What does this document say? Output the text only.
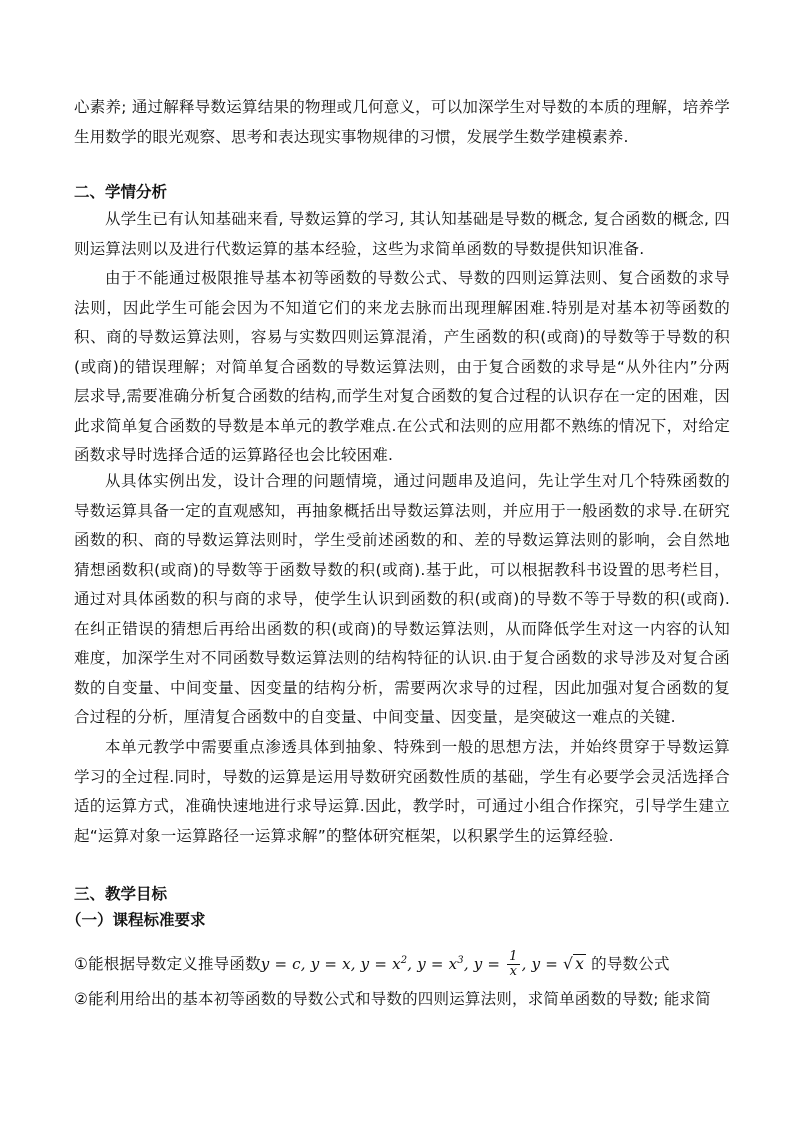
心素养; 通过解释导数运算结果的物理或几何意义，可以加深学生对导数的本质的理解，培养学生用数学的眼光观察、思考和表达现实事物规律的习惯，发展学生数学建模素养.

二、学情分析

从学生已有认知基础来看, 导数运算的学习, 其认知基础是导数的概念, 复合函数的概念, 四则运算法则以及进行代数运算的基本经验，这些为求简单函数的导数提供知识准备.

由于不能通过极限推导基本初等函数的导数公式、导数的四则运算法则、复合函数的求导法则，因此学生可能会因为不知道它们的来龙去脉而出现理解困难.特别是对基本初等函数的积、商的导数运算法则，容易与实数四则运算混淆，产生函数的积(或商)的导数等于导数的积(或商)的错误理解；对简单复合函数的导数运算法则，由于复合函数的求导是“从外往内”分两层求导,需要准确分析复合函数的结构,而学生对复合函数的复合过程的认识存在一定的困难，因此求简单复合函数的导数是本单元的教学难点.在公式和法则的应用都不熟练的情况下，对给定函数求导时选择合适的运算路径也会比较困难.

从具体实例出发，设计合理的问题情境，通过问题串及追问，先让学生对几个特殊函数的导数运算具备一定的直观感知，再抽象概括出导数运算法则，并应用于一般函数的求导.在研究函数的积、商的导数运算法则时，学生受前述函数的和、差的导数运算法则的影响，会自然地猜想函数积(或商)的导数等于函数导数的积(或商).基于此，可以根据教科书设置的思考栏目，通过对具体函数的积与商的求导，使学生认识到函数的积(或商)的导数不等于导数的积(或商).在纠正错误的猜想后再给出函数的积(或商)的导数运算法则，从而降低学生对这一内容的认知难度，加深学生对不同函数导数运算法则的结构特征的认识.由于复合函数的求导涉及对复合函数的自变量、中间变量、因变量的结构分析，需要两次求导的过程，因此加强对复合函数的复合过程的分析，厘清复合函数中的自变量、中间变量、因变量，是突破这一难点的关键.

本单元教学中需要重点渗透具体到抽象、特殊到一般的思想方法，并始终贯穿于导数运算学习的全过程.同时，导数的运算是运用导数研究函数性质的基础，学生有必要学会灵活选择合适的运算方式，准确快速地进行求导运算.因此，教学时，可通过小组合作探究，引导学生建立起“运算对象一运算路径一运算求解”的整体研究框架，以积累学生的运算经验.

三、教学目标
（一）课程标准要求

①能根据导数定义推导函数y = c, y = x, $y = x^2$, $y = x^3$, $y = \frac{1}{x}$ , y = √ x 的导数公式

②能利用给出的基本初等函数的导数公式和导数的四则运算法则，求简单函数的导数; 能求简
